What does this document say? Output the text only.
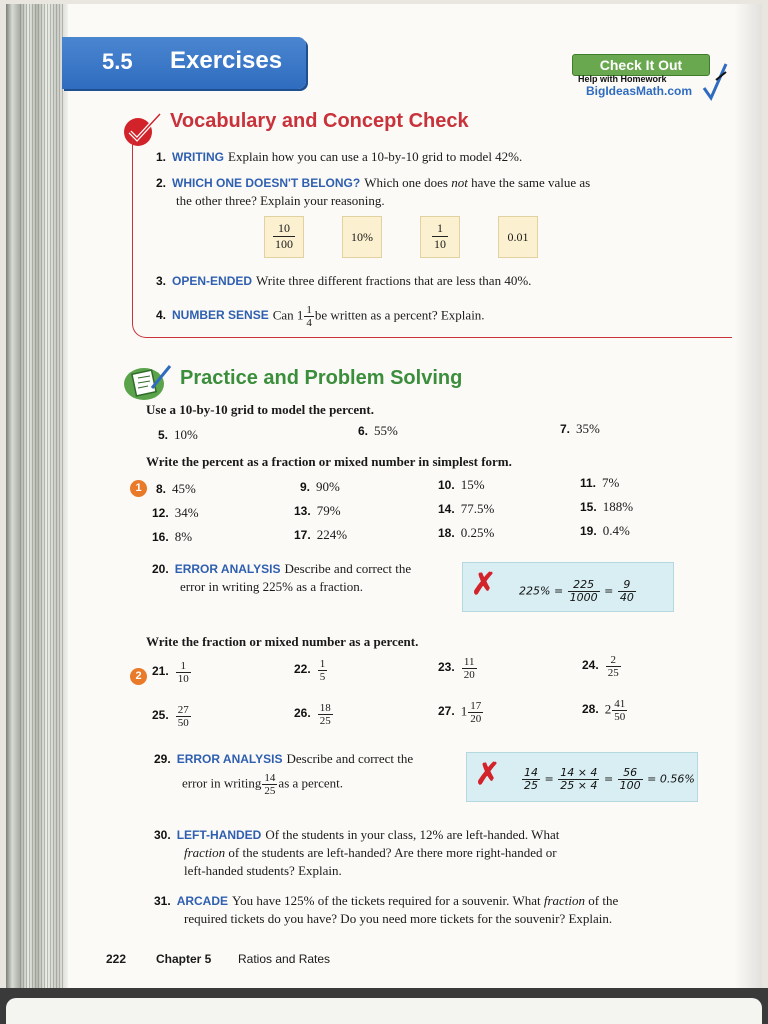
5.5 Exercises	Check It Out
Help with Homework
BigIdeasMath.com
Vocabulary and Concept Check
1. WRITING Explain how you can use a 10-by-10 grid to model 42%.
2. WHICH ONE DOESN'T BELONG? Which one does not have the same value as
the other three? Explain your reasoning.
$\frac{10}{100}$	10%	$\frac{1}{10}$	0.01
3. OPEN-ENDED Write three different fractions that are less than 40%.
4. NUMBER SENSE Can $1 \frac{1}{4}$ be written as a percent? Explain.
Practice and Problem Solving
Use a 10-by-10 grid to model the percent.
5. 10%	6. 55%	7. 35%
Write the percent as a fraction or mixed number in simplest form.
1	8. 45%	9. 90%	10. 15%	11. 7%
12. 34%	13. 79%	14. 77.5%	15. 188%
16. 8%	17. 224%	18. 0.25%	19. 0.4%
20. ERROR ANALYSIS Describe and correct the
error in writing 225% as a fraction.	✗ $225\% = \frac{225}{1000} = \frac{9}{40}$
Write the fraction or mixed number as a percent.
2 21. $\frac{1}{10}$	22. $\frac{1}{5}$	23. $\frac{11}{20}$	24. $\frac{2}{25}$
25. $\frac{27}{50}$	26. $\frac{18}{25}$	27. $1 \frac{17}{20}$	28. $2 \frac{41}{50}$
29. ERROR ANALYSIS Describe and correct the
error in writing $\frac{14}{25}$ as a percent.	✗ $\frac{14}{25} = \frac{14 \times 4}{25 \times 4} = \frac{56}{100} = 0.56\%$
30. LEFT-HANDED Of the students in your class, 12% are left-handed. What
fraction of the students are left-handed? Are there more right-handed or
left-handed students? Explain.
31. ARCADE You have 125% of the tickets required for a souvenir. What fraction of the
required tickets do you have? Do you need more tickets for the souvenir? Explain.
222 Chapter 5 Ratios and Rates
